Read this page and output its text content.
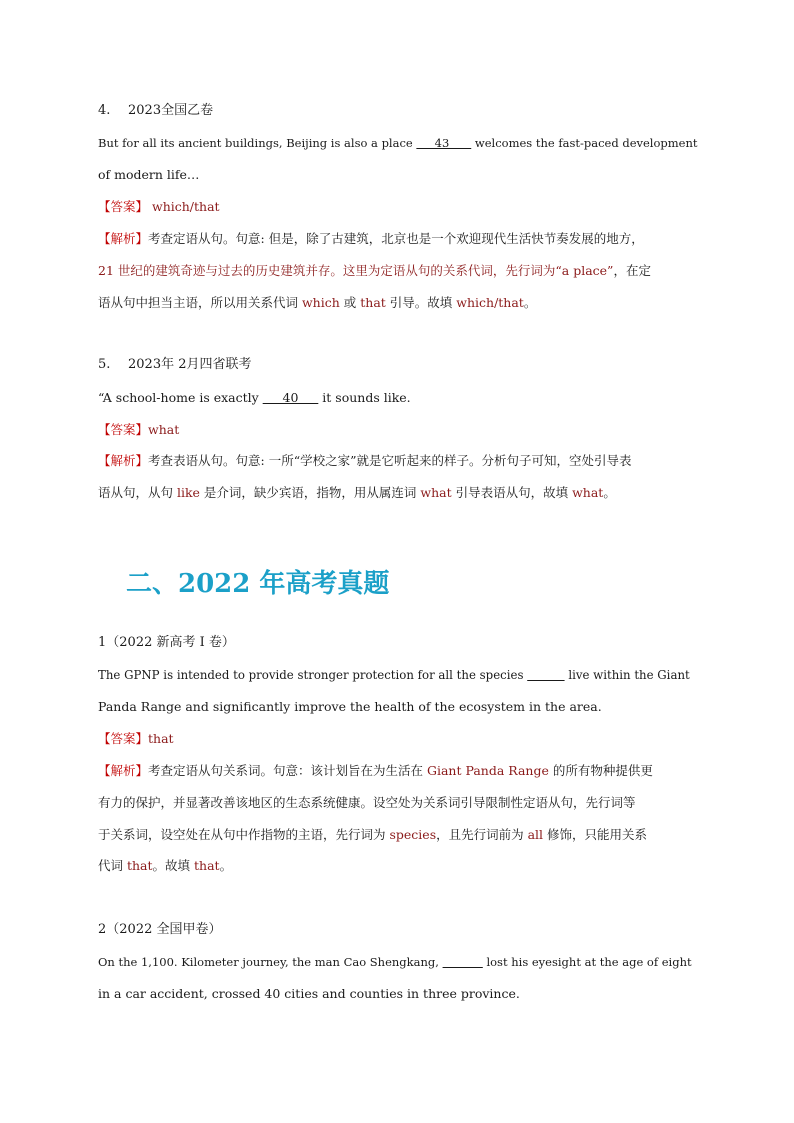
4. 2023全国乙卷
But for all its ancient buildings, Beijing is also a place      43       welcomes the fast-paced development
of modern life…
【答案】 which/that
【解析】考查定语从句。句意: 但是，除了古建筑，北京也是一个欢迎现代生活快节奏发展的地方，
21 世纪的建筑奇迹与过去的历史建筑并存。这里为定语从句的关系代词，先行词为“a place”，在定
语从句中担当主语，所以用关系代词 which 或 that 引导。故填 which/that。
5. 2023年 2月四省联考
“A school-home is exactly      40      it sounds like.
【答案】what
【解析】考查表语从句。句意: 一所“学校之家”就是它听起来的样子。分析句子可知，空处引导表
语从句，从句 like 是介词，缺少宾语，指物，用从属连词 what 引导表语从句，故填 what。
二、2022 年高考真题
1（2022 新高考 I 卷）
The GPNP is intended to provide stronger protection for all the species	live within the Giant
Panda Range and significantly improve the health of the ecosystem in the area.
【答案】that
【解析】考查定语从句关系词。句意：该计划旨在为生活在 Giant Panda Range 的所有物种提供更
有力的保护，并显著改善该地区的生态系统健康。设空处为关系词引导限制性定语从句，先行词等
于关系词，设空处在从句中作指物的主语，先行词为 species，且先行词前为 all 修饰，只能用关系
代词 that。故填 that。
2（2022 全国甲卷）
On the 1,100. Kilometer journey, the man Cao Shengkang,	lost his eyesight at the age of eight
in a car accident, crossed 40 cities and counties in three province.
